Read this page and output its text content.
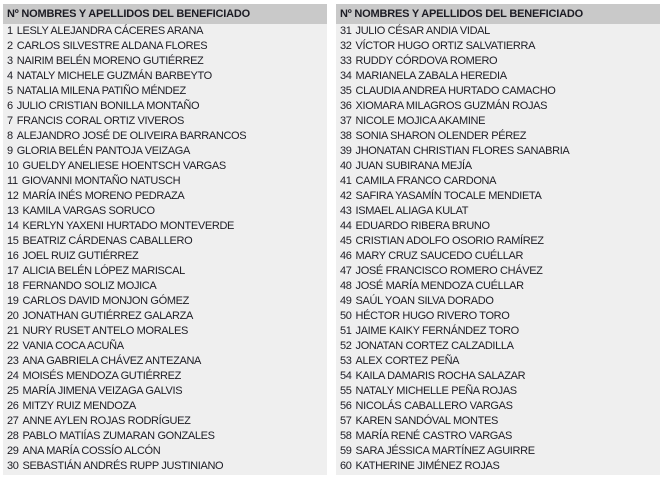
Nº NOMBRES Y APELLIDOS DEL BENEFICIADO
1 LESLY ALEJANDRA CÁCERES ARANA
2 CARLOS SILVESTRE ALDANA FLORES
3 NAIRIM BELÉN MORENO GUTIÉRREZ
4 NATALY MICHELE GUZMÁN BARBEYTO
5 NATALIA MILENA PATIÑO MÉNDEZ
6 JULIO CRISTIAN BONILLA MONTAÑO
7 FRANCIS CORAL ORTIZ VIVEROS
8 ALEJANDRO JOSÉ DE OLIVEIRA BARRANCOS
9 GLORIA BELÉN PANTOJA VEIZAGA
10 GUELDY ANELIESE HOENTSCH VARGAS
11 GIOVANNI MONTAÑO NATUSCH
12 MARÍA INÉS MORENO PEDRAZA
13 KAMILA VARGAS SORUCO
14 KERLYN YAXENI HURTADO MONTEVERDE
15 BEATRIZ CÁRDENAS CABALLERO
16 JOEL RUIZ GUTIÉRREZ
17 ALICIA BELÉN LÓPEZ MARISCAL
18 FERNANDO SOLIZ MOJICA
19 CARLOS DAVID MONJON GÓMEZ
20 JONATHAN GUTIÉRREZ GALARZA
21 NURY RUSET ANTELO MORALES
22 VANIA COCA ACUÑA
23 ANA GABRIELA CHÁVEZ ANTEZANA
24 MOISÉS MENDOZA GUTIÉRREZ
25 MARÍA JIMENA VEIZAGA GALVIS
26 MITZY RUIZ MENDOZA
27 ANNE AYLEN ROJAS RODRÍGUEZ
28 PABLO MATIÍAS ZUMARAN GONZALES
29 ANA MARÍA COSSÍO ALCÓN
30 SEBASTIÁN ANDRÉS RUPP JUSTINIANO
Nº NOMBRES Y APELLIDOS DEL BENEFICIADO
31 JULIO CÉSAR ANDIA VIDAL
32 VÍCTOR HUGO ORTIZ SALVATIERRA
33 RUDDY CÓRDOVA ROMERO
34 MARIANELA ZABALA HEREDIA
35 CLAUDIA ANDREA HURTADO CAMACHO
36 XIOMARA MILAGROS GUZMÁN ROJAS
37 NICOLE MOJICA AKAMINE
38 SONIA SHARON OLENDER PÉREZ
39 JHONATAN CHRISTIAN FLORES SANABRIA
40 JUAN SUBIRANA MEJÍA
41 CAMILA FRANCO CARDONA
42 SAFIRA YASAMÍN TOCALE MENDIETA
43 ISMAEL ALIAGA KULAT
44 EDUARDO RIBERA BRUNO
45 CRISTIAN ADOLFO OSORIO RAMÍREZ
46 MARY CRUZ SAUCEDO CUÉLLAR
47 JOSÉ FRANCISCO ROMERO CHÁVEZ
48 JOSÉ MARÍA MENDOZA CUÉLLAR
49 SAÚL YOAN SILVA DORADO
50 HÉCTOR HUGO RIVERO TORO
51 JAIME KAIKY FERNÁNDEZ TORO
52 JONATAN CORTEZ CALZADILLA
53 ALEX CORTEZ PEÑA
54 KAILA DAMARIS ROCHA SALAZAR
55 NATALY MICHELLE PEÑA ROJAS
56 NICOLÁS CABALLERO VARGAS
57 KAREN SANDÓVAL MONTES
58 MARÍA RENÉ CASTRO VARGAS
59 SARA JÉSSICA MARTÍNEZ AGUIRRE
60 KATHERINE JIMÉNEZ ROJAS
